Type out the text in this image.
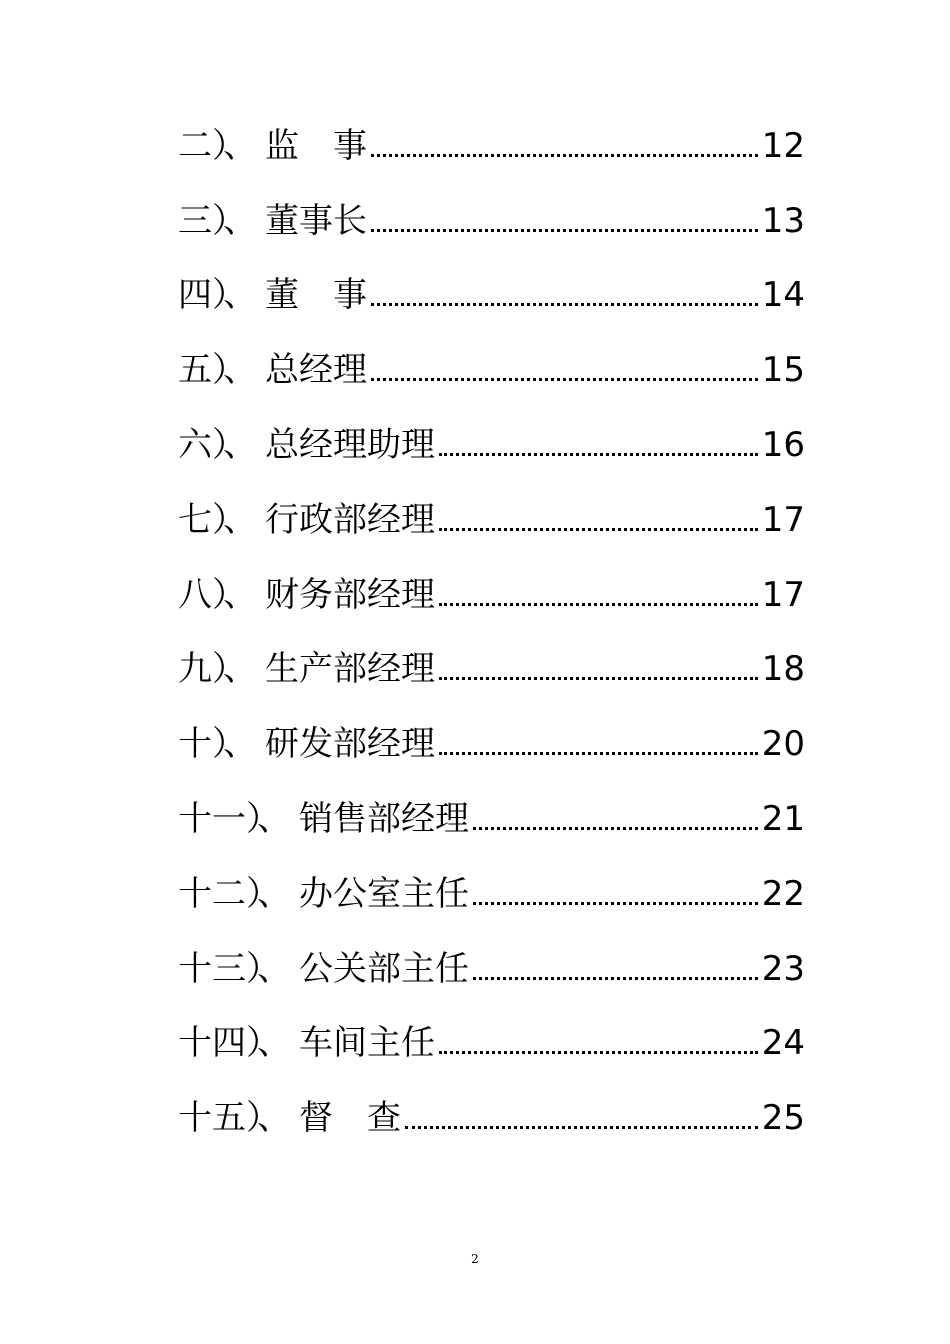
二 ）、 监　事	12
三 ）、 董事长	13
四 ）、 董　事	14
五 ）、 总经理	15
六 ）、 总经理助理	16
七 ）、 行政部经理	17
八 ）、 财务部经理	17
九 ）、 生产部经理	18
十 ）、 研发部经理	20
十一 ）、 销售部经理	21
十二 ）、 办公室主任	22
十三 ）、 公关部主任	23
十四 ）、 车间主任	24
十五 ）、 督　查	25
2
